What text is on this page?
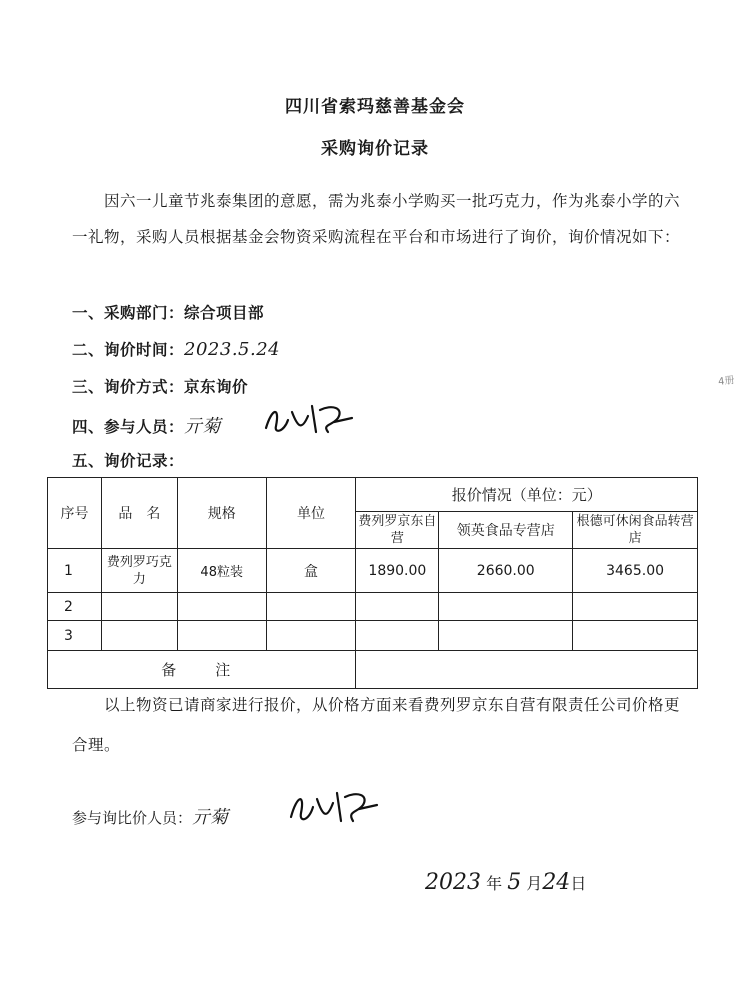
四川省索玛慈善基金会
采购询价记录
因六一儿童节兆泰集团的意愿，需为兆泰小学购买一批巧克力，作为兆泰小学的六一礼物，采购人员根据基金会物资采购流程在平台和市场进行了询价，询价情况如下：
一、采购部门：综合项目部
二、询价时间：2023.5.24
三、询价方式：京东询价
四、参与人员：亓菊
五、询价记录：
4册
序号	品　名	规格	单位	报价情况（单位：元）		
				费列罗京东自营	领英食品专营店	根德可休闲食品转营店
1	费列罗巧克力	48粒装	盒	1890.00	2660.00	3465.00
2						
3						
备　注						
以上物资已请商家进行报价，从价格方面来看费列罗京东自营有限责任公司价格更合理。
参与询比价人员：亓菊
2023 年 5 月24日
